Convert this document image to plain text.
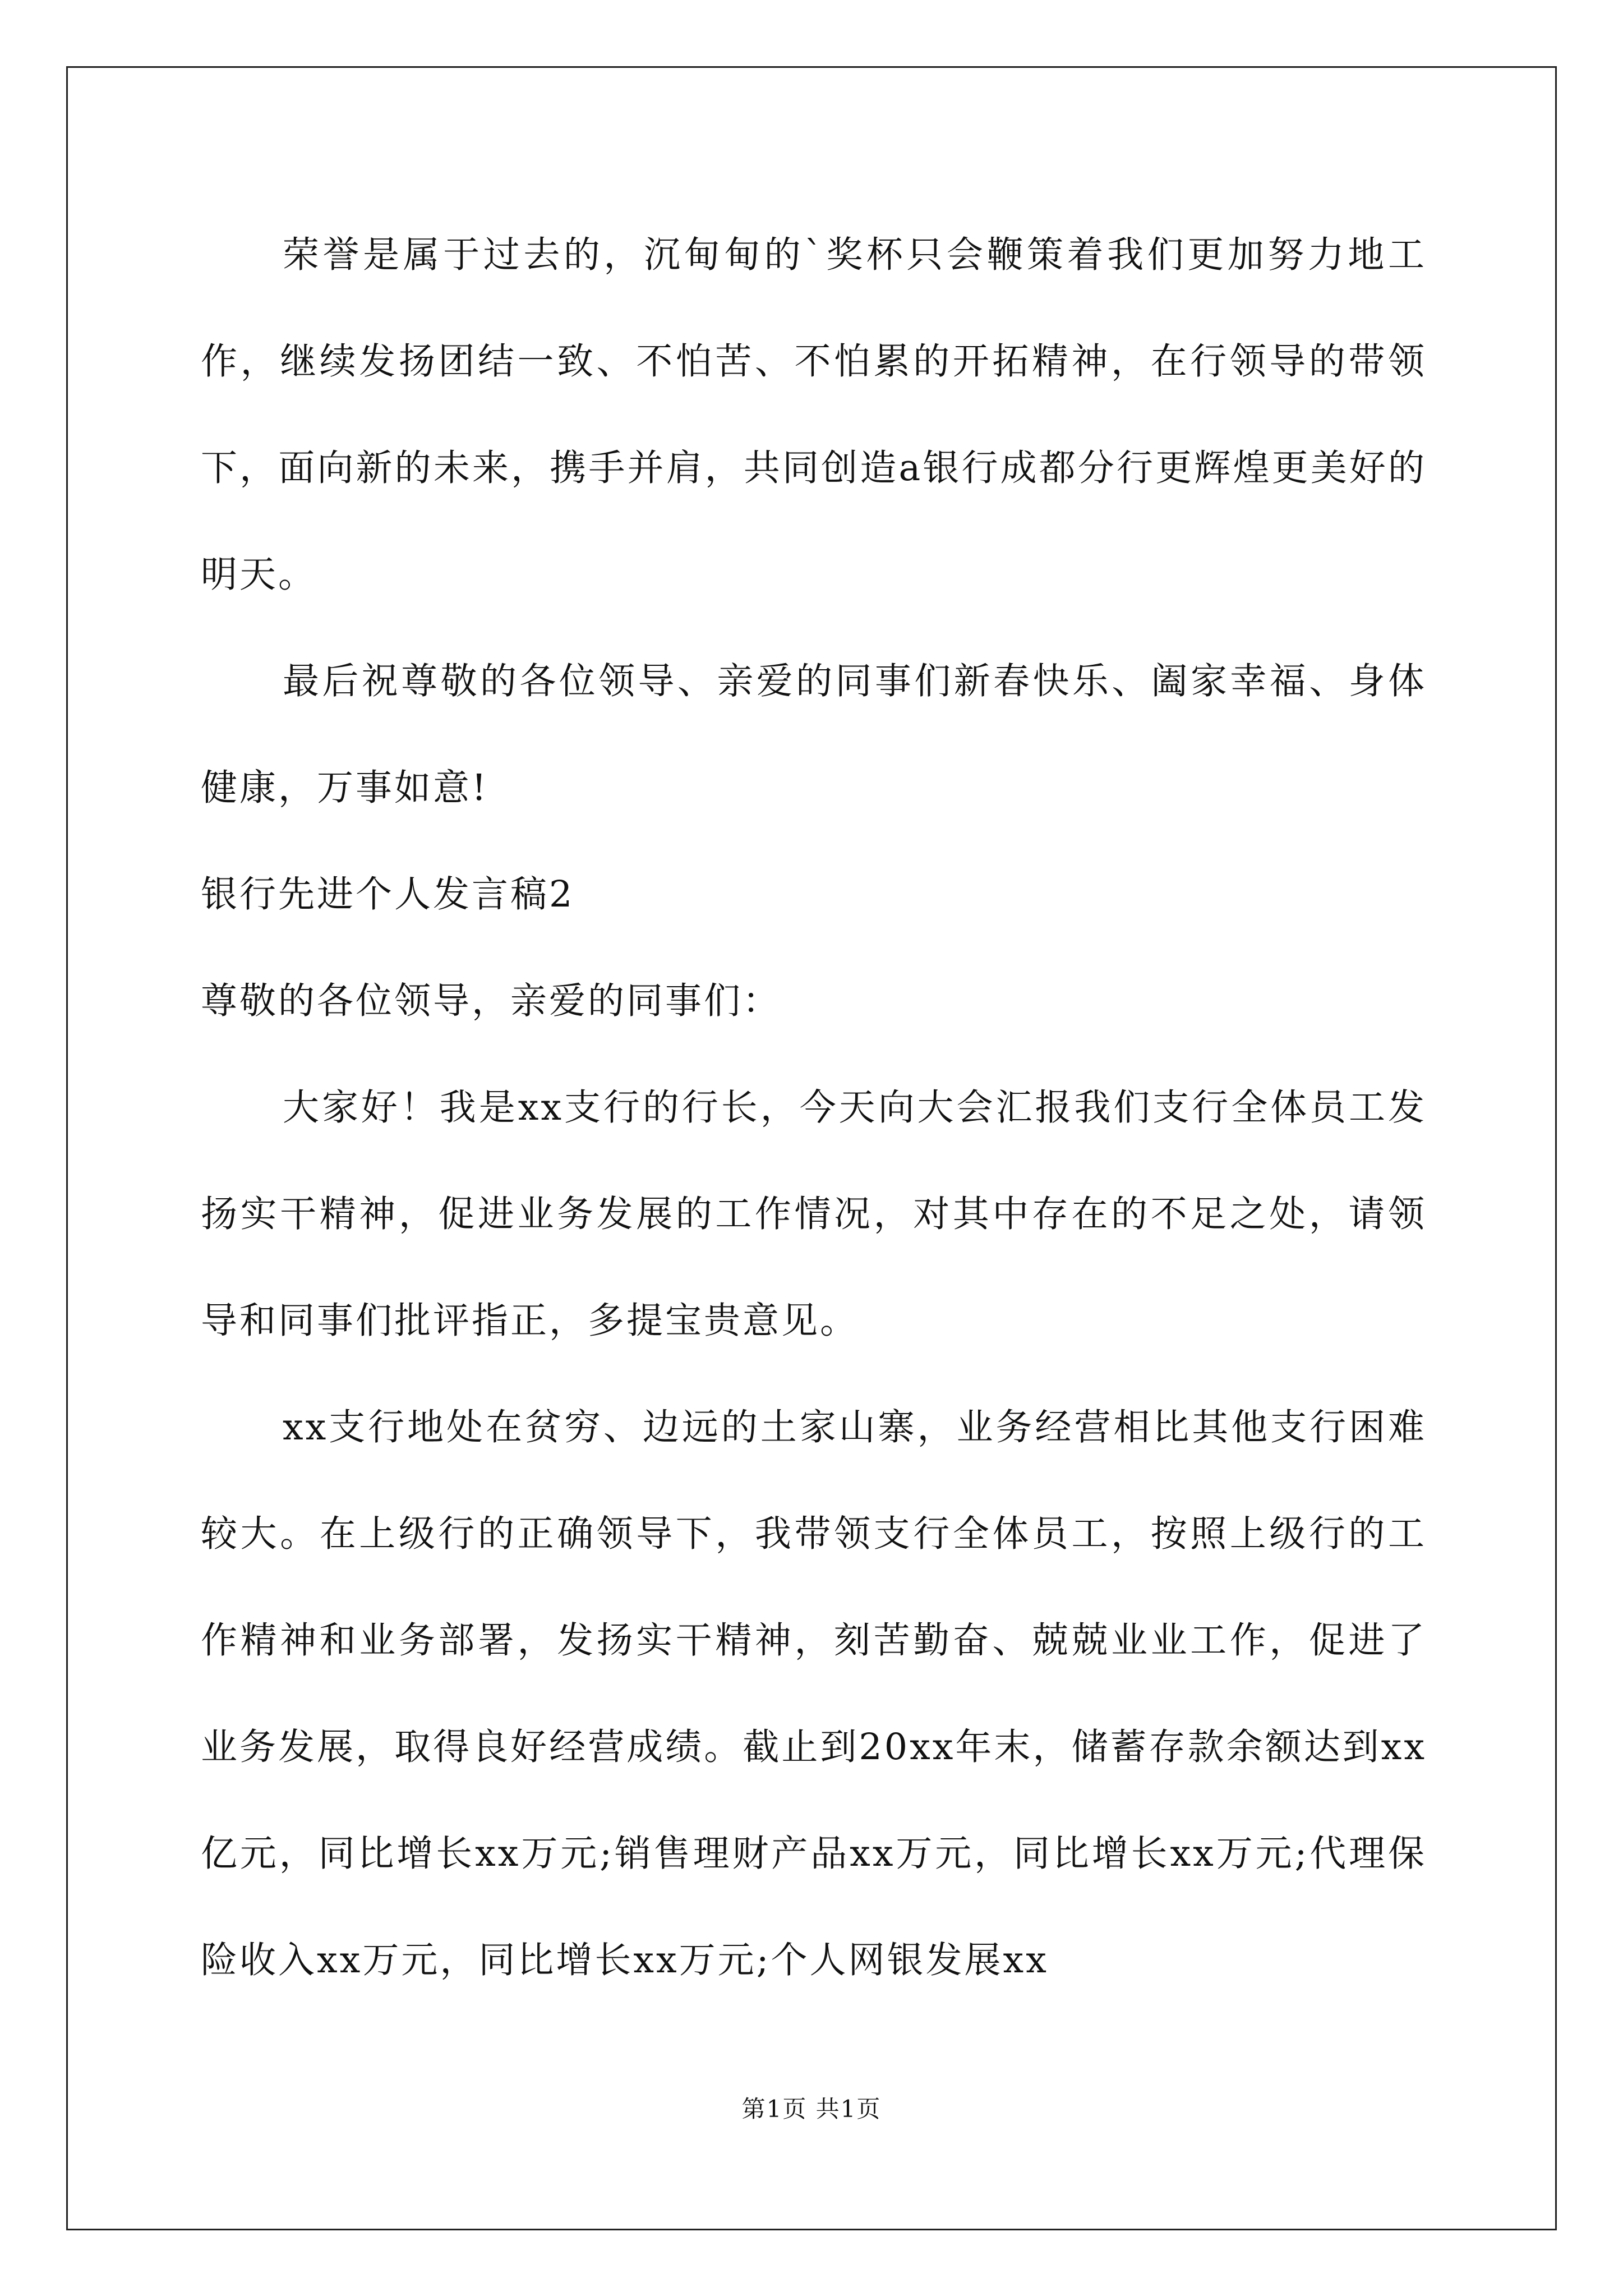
荣誉是属于过去的，沉甸甸的`奖杯只会鞭策着我们更加努力地工作，继续发扬团结一致、不怕苦、不怕累的开拓精神，在行领导的带领下，面向新的未来，携手并肩，共同创造a银行成都分行更辉煌更美好的明天。

最后祝尊敬的各位领导、亲爱的同事们新春快乐、阖家幸福、身体健康，万事如意!

银行先进个人发言稿2

尊敬的各位领导，亲爱的同事们：

大家好！我是xx支行的行长，今天向大会汇报我们支行全体员工发扬实干精神，促进业务发展的工作情况，对其中存在的不足之处，请领导和同事们批评指正，多提宝贵意见。

xx支行地处在贫穷、边远的土家山寨，业务经营相比其他支行困难较大。在上级行的正确领导下，我带领支行全体员工，按照上级行的工作精神和业务部署，发扬实干精神，刻苦勤奋、兢兢业业工作，促进了业务发展，取得良好经营成绩。截止到20xx年末，储蓄存款余额达到xx亿元，同比增长xx万元;销售理财产品xx万元，同比增长xx万元;代理保险收入xx万元，同比增长xx万元;个人网银发展xx

第1页 共1页
